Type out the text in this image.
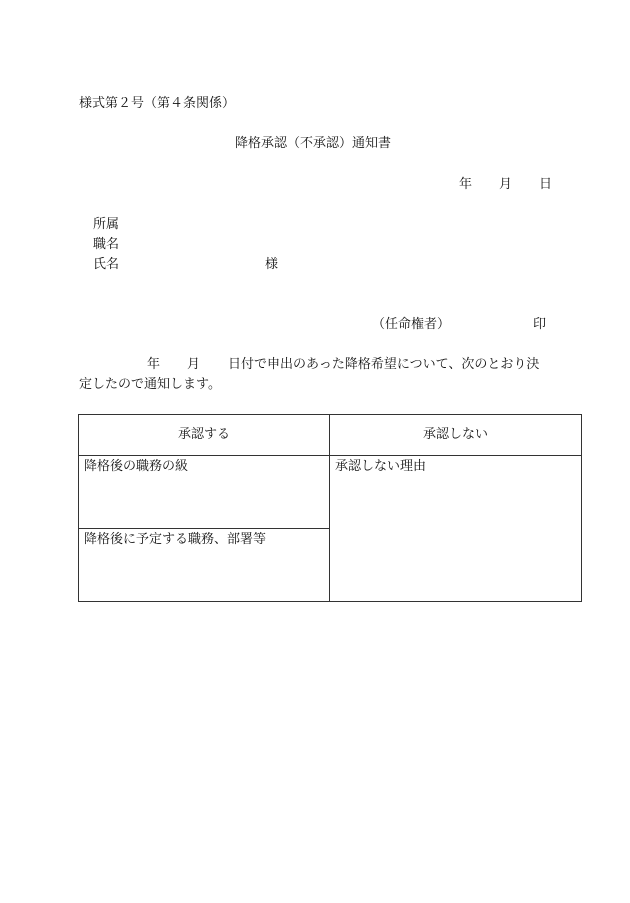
様式第２号（第４条関係）
降格承認（不承認）通知書
年 月 日
所属
職名
氏名	様
（任命権者）	印
年 月 日付で申出のあった降格希望について、次のとおり決
定したので通知します。
承認する	承認しない

降格後の職務の級	承認しない理由

降格後に予定する職務、部署等	
